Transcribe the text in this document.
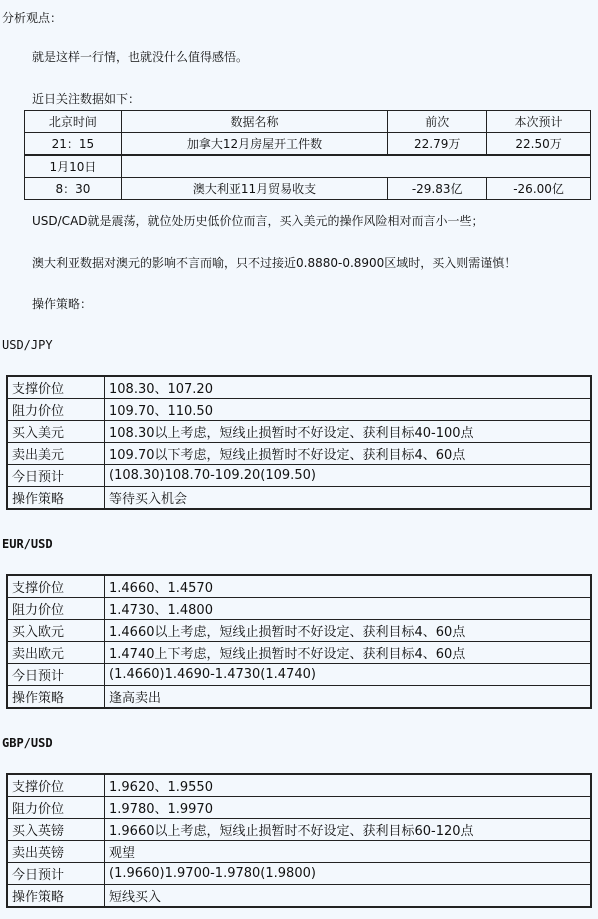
分析观点：
就是这样一行情，也就没什么值得感悟。
近日关注数据如下：
北京时间	数据名称	前次	本次预计
21：15	加拿大12月房屋开工件数	22.79万	22.50万
1月10日			
8：30	澳大利亚11月贸易收支	-29.83亿	-26.00亿
USD/CAD就是震荡，就位处历史低价位而言，买入美元的操作风险相对而言小一些；
澳大利亚数据对澳元的影响不言而喻，只不过接近0.8880-0.8900区域时，买入则需谨慎！
操作策略：
USD/JPY
支撑价位	108.30、107.20
阻力价位	109.70、110.50
买入美元	108.30以上考虑，短线止损暂时不好设定、获利目标40-100点
卖出美元	109.70以下考虑，短线止损暂时不好设定、获利目标4、60点
今日预计	(108.30)108.70-109.20(109.50)
操作策略	等待买入机会
EUR/USD
支撑价位	1.4660、1.4570
阻力价位	1.4730、1.4800
买入欧元	1.4660以上考虑，短线止损暂时不好设定、获利目标4、60点
卖出欧元	1.4740上下考虑，短线止损暂时不好设定、获利目标4、60点
今日预计	(1.4660)1.4690-1.4730(1.4740)
操作策略	逢高卖出
GBP/USD
支撑价位	1.9620、1.9550
阻力价位	1.9780、1.9970
买入英镑	1.9660以上考虑，短线止损暂时不好设定、获利目标60-120点
卖出英镑	观望
今日预计	(1.9660)1.9700-1.9780(1.9800)
操作策略	短线买入
